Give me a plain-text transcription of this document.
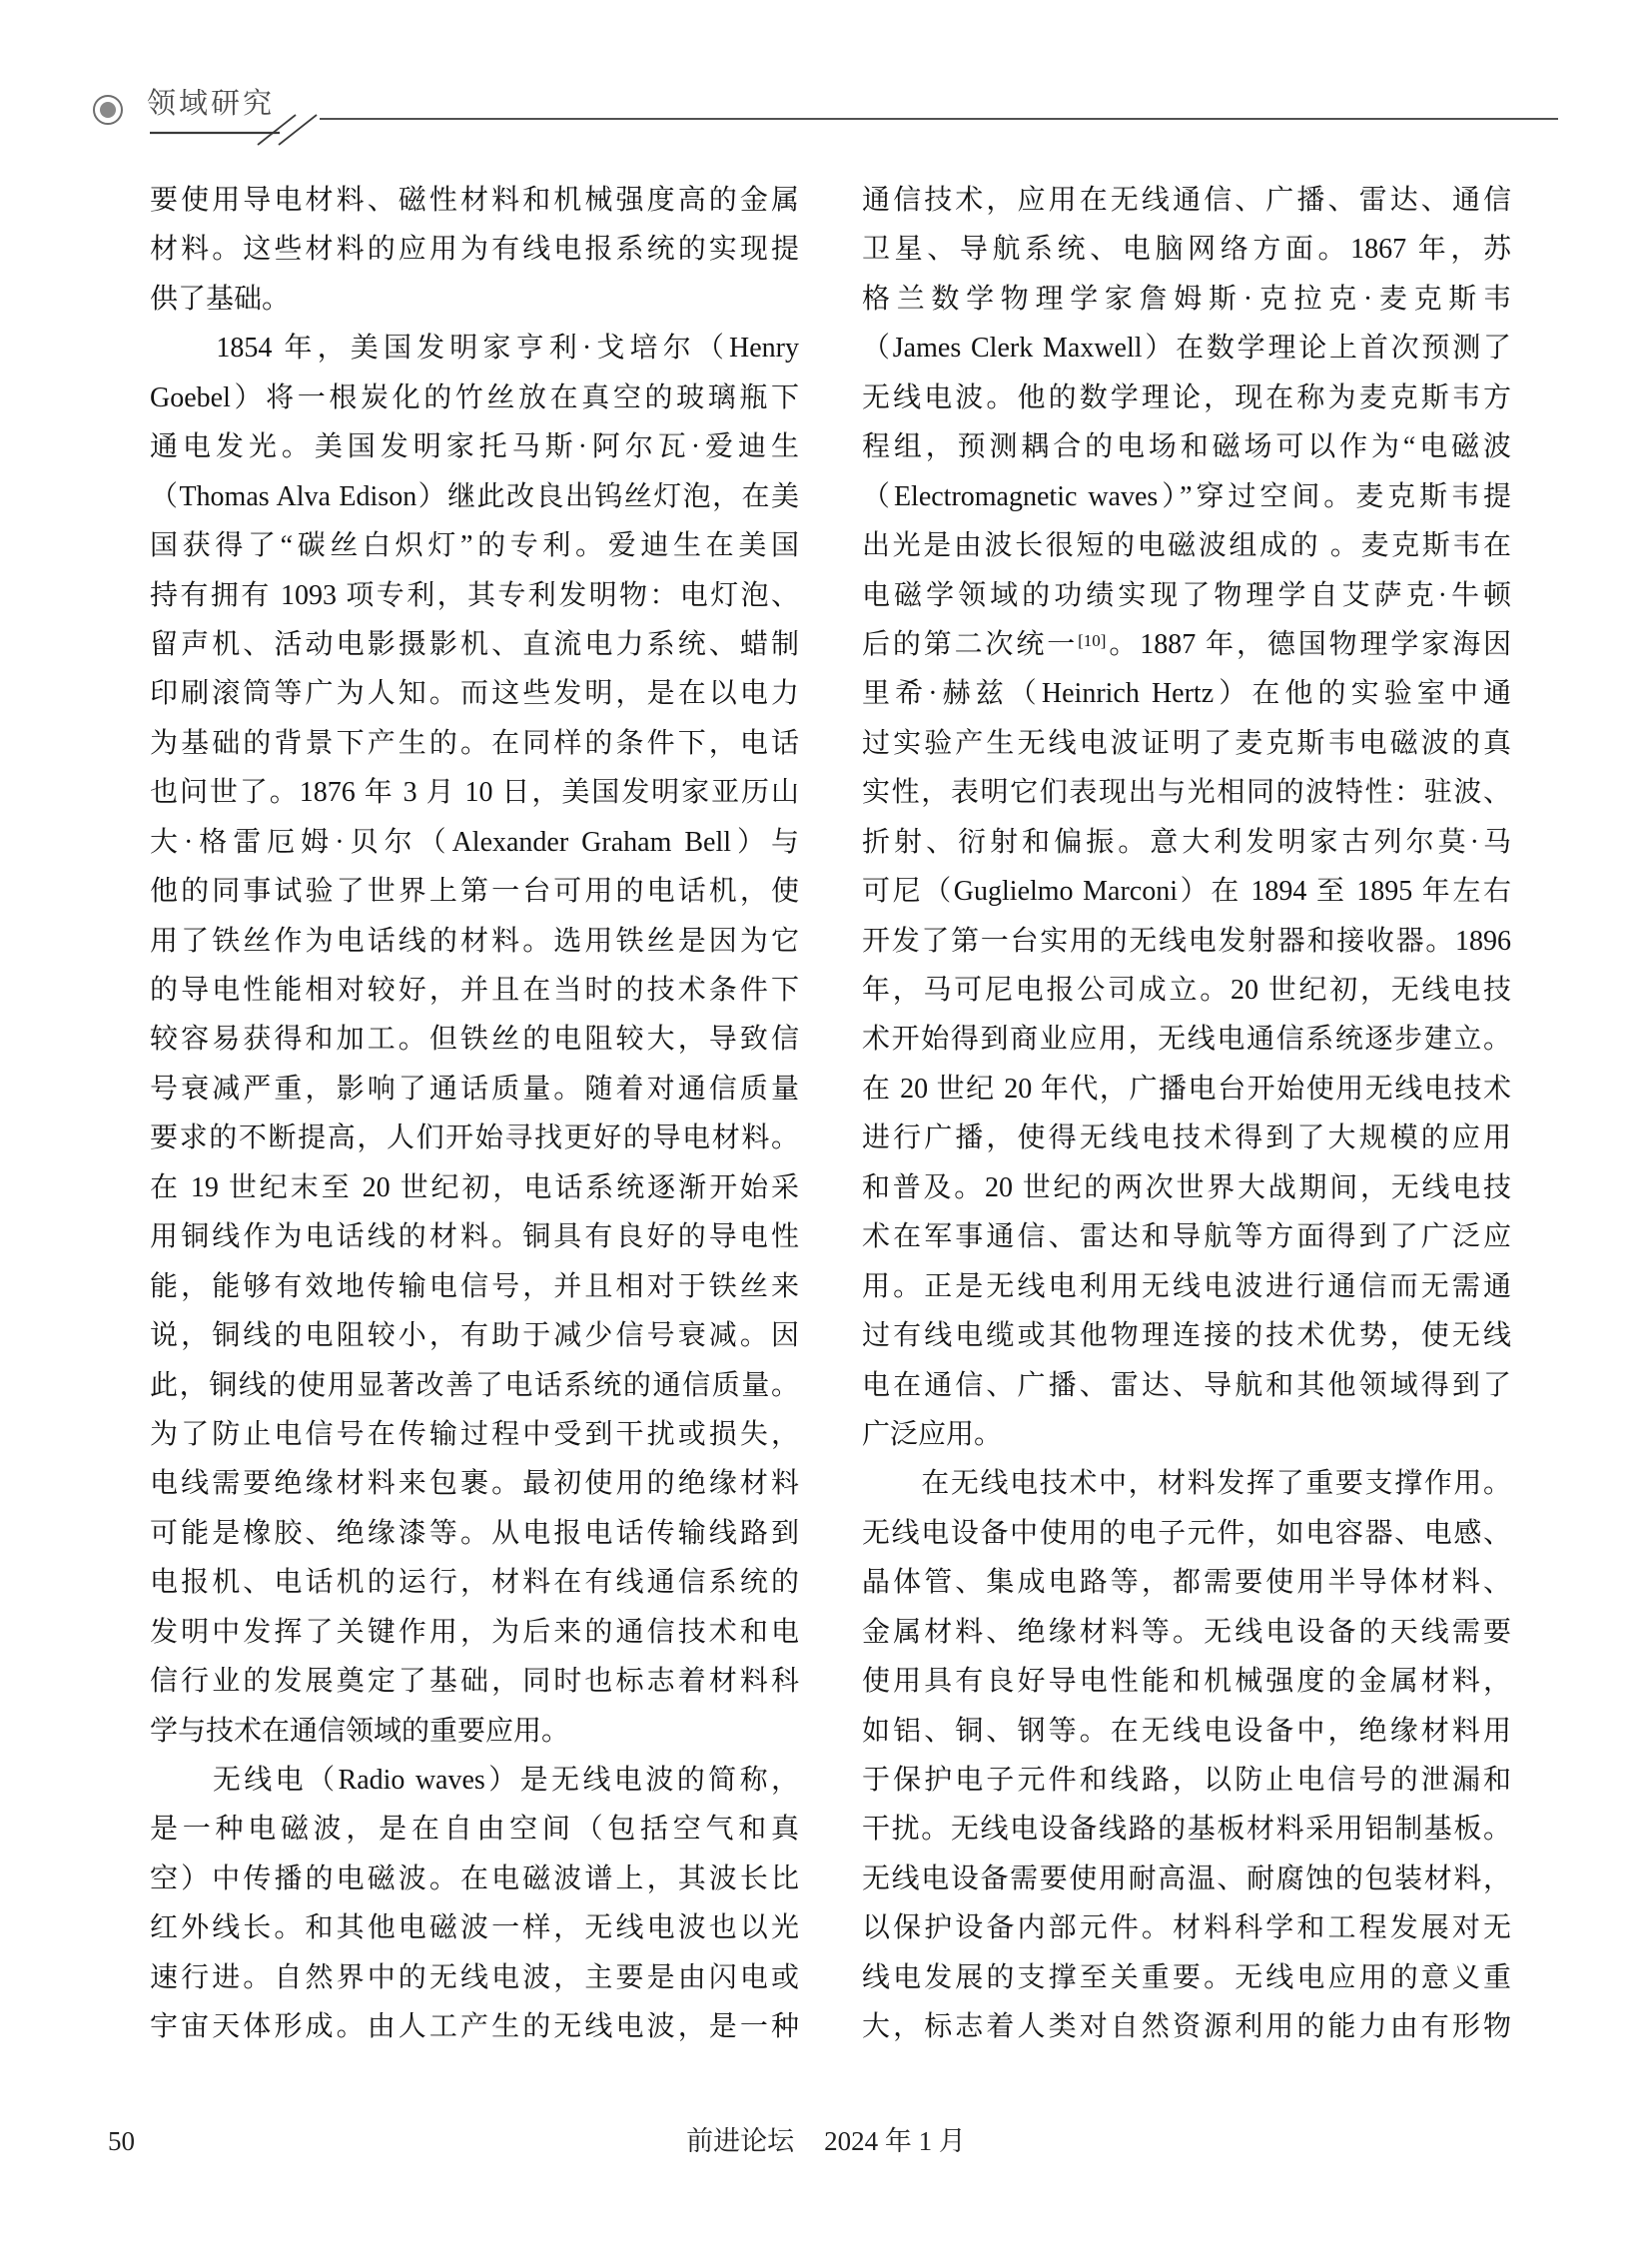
领域研究
要使用导电材料、磁性材料和机械强度高的金属
材料。这些材料的应用为有线电报系统的实现提
供了基础。
　　1854 年，美国发明家亨利·戈培尔（Henry
Goebel）将一根炭化的竹丝放在真空的玻璃瓶下
通电发光。美国发明家托马斯·阿尔瓦·爱迪生
（Thomas Alva Edison）继此改良出钨丝灯泡，在美
国获得了“碳丝白炽灯”的专利。爱迪生在美国
持有拥有 1093 项专利，其专利发明物：电灯泡、
留声机、活动电影摄影机、直流电力系统、蜡制
印刷滚筒等广为人知。而这些发明，是在以电力
为基础的背景下产生的。在同样的条件下，电话
也问世了。1876 年 3 月 10 日，美国发明家亚历山
大·格雷厄姆·贝尔（Alexander Graham Bell）与
他的同事试验了世界上第一台可用的电话机，使
用了铁丝作为电话线的材料。选用铁丝是因为它
的导电性能相对较好，并且在当时的技术条件下
较容易获得和加工。但铁丝的电阻较大，导致信
号衰减严重，影响了通话质量。随着对通信质量
要求的不断提高，人们开始寻找更好的导电材料。
在 19 世纪末至 20 世纪初，电话系统逐渐开始采
用铜线作为电话线的材料。铜具有良好的导电性
能，能够有效地传输电信号，并且相对于铁丝来
说，铜线的电阻较小，有助于减少信号衰减。因
此，铜线的使用显著改善了电话系统的通信质量。
为了防止电信号在传输过程中受到干扰或损失，
电线需要绝缘材料来包裹。最初使用的绝缘材料
可能是橡胶、绝缘漆等。从电报电话传输线路到
电报机、电话机的运行，材料在有线通信系统的
发明中发挥了关键作用，为后来的通信技术和电
信行业的发展奠定了基础，同时也标志着材料科
学与技术在通信领域的重要应用。
　　无线电（Radio waves）是无线电波的简称，
是一种电磁波，是在自由空间（包括空气和真
空）中传播的电磁波。在电磁波谱上，其波长比
红外线长。和其他电磁波一样，无线电波也以光
速行进。自然界中的无线电波，主要是由闪电或
宇宙天体形成。由人工产生的无线电波，是一种
通信技术，应用在无线通信、广播、雷达、通信
卫星、导航系统、电脑网络方面。1867 年，苏
格兰数学物理学家詹姆斯·克拉克·麦克斯韦
（James Clerk Maxwell）在数学理论上首次预测了
无线电波。他的数学理论，现在称为麦克斯韦方
程组，预测耦合的电场和磁场可以作为“电磁波
（Electromagnetic waves）”穿过空间。麦克斯韦提
出光是由波长很短的电磁波组成的 。麦克斯韦在
电磁学领域的功绩实现了物理学自艾萨克·牛顿
后的第二次统一[10]。1887 年，德国物理学家海因
里希·赫兹（Heinrich Hertz）在他的实验室中通
过实验产生无线电波证明了麦克斯韦电磁波的真
实性，表明它们表现出与光相同的波特性：驻波、
折射、衍射和偏振。意大利发明家古列尔莫·马
可尼（Guglielmo Marconi）在 1894 至 1895 年左右
开发了第一台实用的无线电发射器和接收器。1896
年，马可尼电报公司成立。20 世纪初，无线电技
术开始得到商业应用，无线电通信系统逐步建立。
在 20 世纪 20 年代，广播电台开始使用无线电技术
进行广播，使得无线电技术得到了大规模的应用
和普及。20 世纪的两次世界大战期间，无线电技
术在军事通信、雷达和导航等方面得到了广泛应
用。正是无线电利用无线电波进行通信而无需通
过有线电缆或其他物理连接的技术优势，使无线
电在通信、广播、雷达、导航和其他领域得到了
广泛应用。
　　在无线电技术中，材料发挥了重要支撑作用。
无线电设备中使用的电子元件，如电容器、电感、
晶体管、集成电路等，都需要使用半导体材料、
金属材料、绝缘材料等。无线电设备的天线需要
使用具有良好导电性能和机械强度的金属材料，
如铝、铜、钢等。在无线电设备中，绝缘材料用
于保护电子元件和线路，以防止电信号的泄漏和
干扰。无线电设备线路的基板材料采用铝制基板。
无线电设备需要使用耐高温、耐腐蚀的包装材料，
以保护设备内部元件。材料科学和工程发展对无
线电发展的支撑至关重要。无线电应用的意义重
大，标志着人类对自然资源利用的能力由有形物
50	前进论坛 2024 年 1 月
